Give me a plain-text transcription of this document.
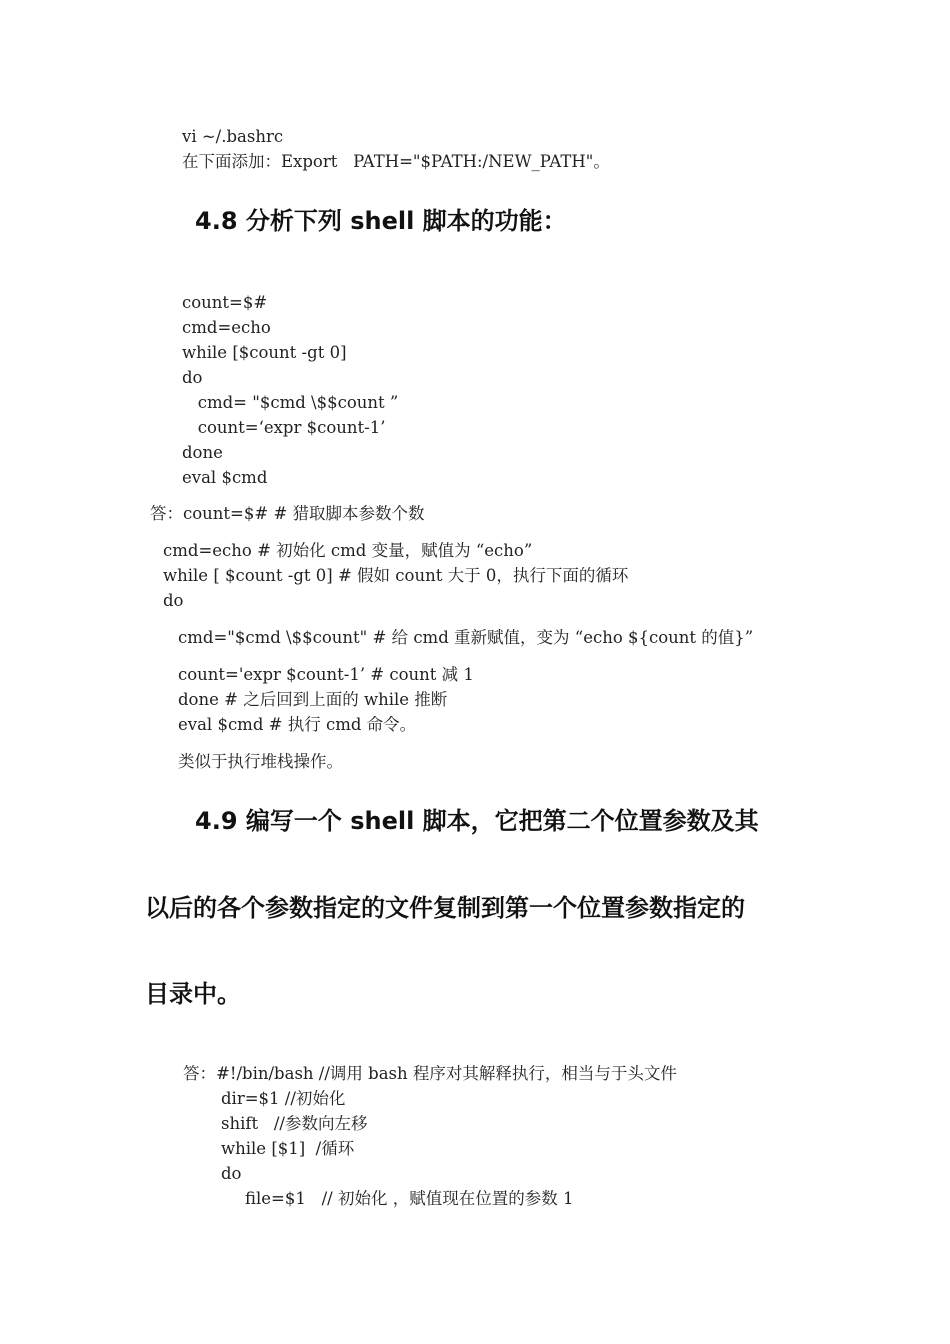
vi ~/.bashrc
在下面添加：Export   PATH="$PATH:/NEW_PATH"。
4.8 分析下列 shell 脚本的功能：
count=$#
cmd=echo
while [$count -gt 0]
do
cmd= "$cmd \$$count ”
count=‘expr $count-1’
done
eval $cmd
答：count=$# # 猎取脚本参数个数
cmd=echo # 初始化 cmd 变量，赋值为 “echo”
while [ $count -gt 0] # 假如 count 大于 0，执行下面的循环
do
cmd="$cmd \$$count" # 给 cmd 重新赋值，变为 “echo ${count 的值}”
count='expr $count-1’ # count 减 1
done # 之后回到上面的 while 推断
eval $cmd # 执行 cmd 命令。
类似于执行堆栈操作。
4.9 编写一个 shell 脚本，它把第二个位置参数及其
以后的各个参数指定的文件复制到第一个位置参数指定的
目录中。
答：#!/bin/bash //调用 bash 程序对其解释执行，相当与于头文件
dir=$1 //初始化
shift   //参数向左移
while [$1]  /循环
do
file=$1   // 初始化 ，赋值现在位置的参数 1
